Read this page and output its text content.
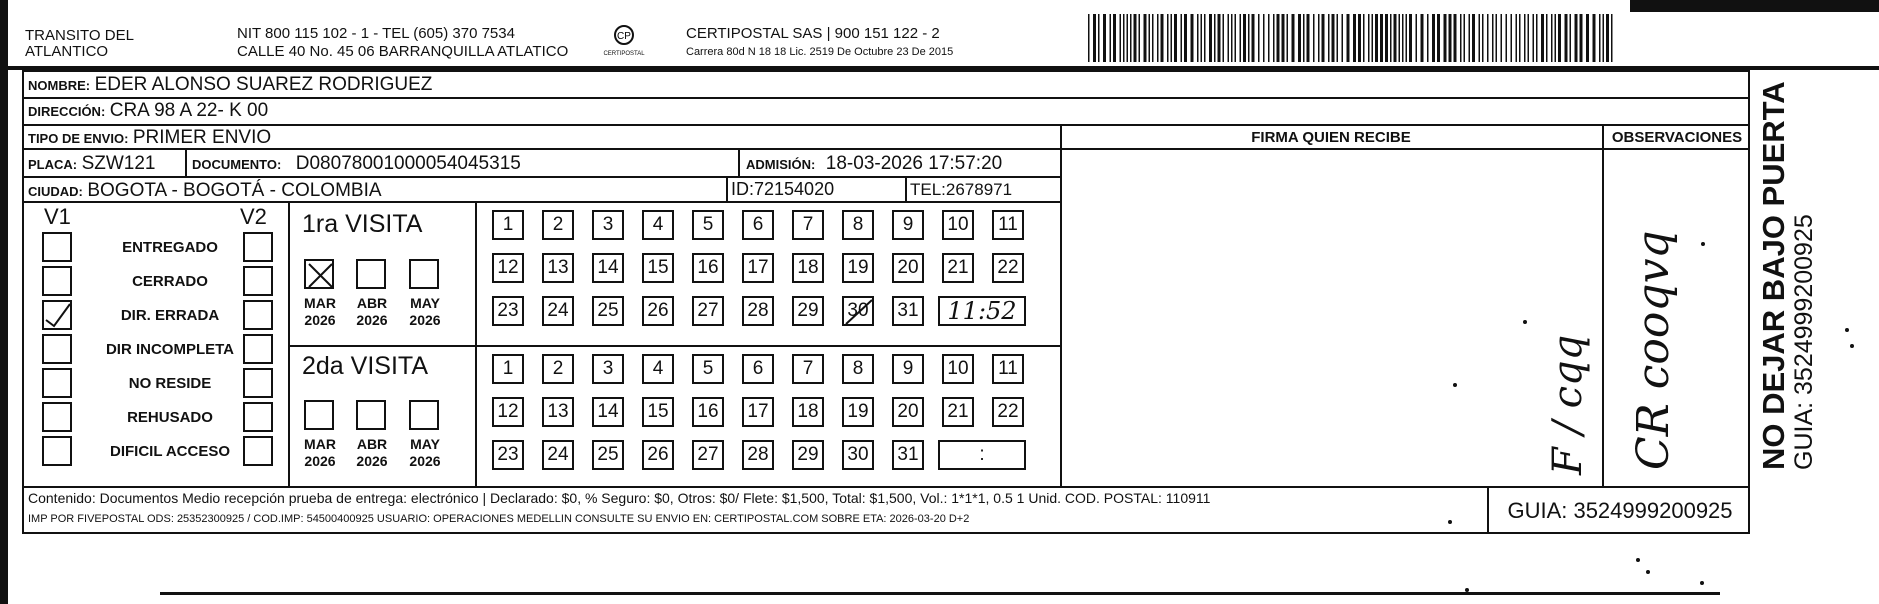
TRANSITO DEL
ATLANTICO
NIT 800 115 102 - 1 - TEL (605) 370 7534
CALLE 40 No. 45 06 BARRANQUILLA ATLATICO
CP
CERTIPOSTAL
CERTIPOSTAL SAS | 900 151 122 - 2
Carrera 80d N 18 18 Lic. 2519 De Octubre 23 De 2015
NOMBRE: EDER ALONSO SUAREZ RODRIGUEZ
DIRECCIÓN: CRA 98 A 22- K 00
TIPO DE ENVIO: PRIMER ENVIO
PLACA: SZW121	DOCUMENTO: D08078001000054045315	ADMISIÓN: 18-03-2026 17:57:20
CIUDAD: BOGOTA - BOGOTÁ - COLOMBIA	ID:72154020	TEL:2678971
FIRMA QUIEN RECIBE	OBSERVACIONES
V1	V2
ENTREGADO
CERRADO
DIR. ERRADA
DIR INCOMPLETA
NO RESIDE
REHUSADO
DIFICIL ACCESO
1ra VISITA
2da VISITA
MAR
2026
ABR
2026
MAY
2026
MAR
2026
ABR
2026
MAY
2026
1	2	3	4	5	6	7	8	9	10	11
12 13 14 15 16 17 18 19 20 21 22
23 24 25 26 27 28 29 30 31	11:52
1	2	3	4	5	6	7	8	9	10	11
12 13 14 15 16 17 18 19 20 21 22
23 24 25 26 27 28 29 30 31	:	CR cooqvq
F / cqq
Contenido: Documentos Medio recepción prueba de entrega: electrónico | Declarado: $0, % Seguro: $0, Otros: $0/ Flete: $1,500, Total: $1,500, Vol.: 1*1*1, 0.5 1 Unid. COD. POSTAL: 110911
IMP POR FIVEPOSTAL ODS: 25352300925 / COD.IMP: 54500400925 USUARIO: OPERACIONES MEDELLIN CONSULTE SU ENVIO EN: CERTIPOSTAL.COM SOBRE ETA: 2026-03-20 D+2	GUIA: 3524999200925
NO DEJAR BAJO PUERTA GUIA: 3524999200925
